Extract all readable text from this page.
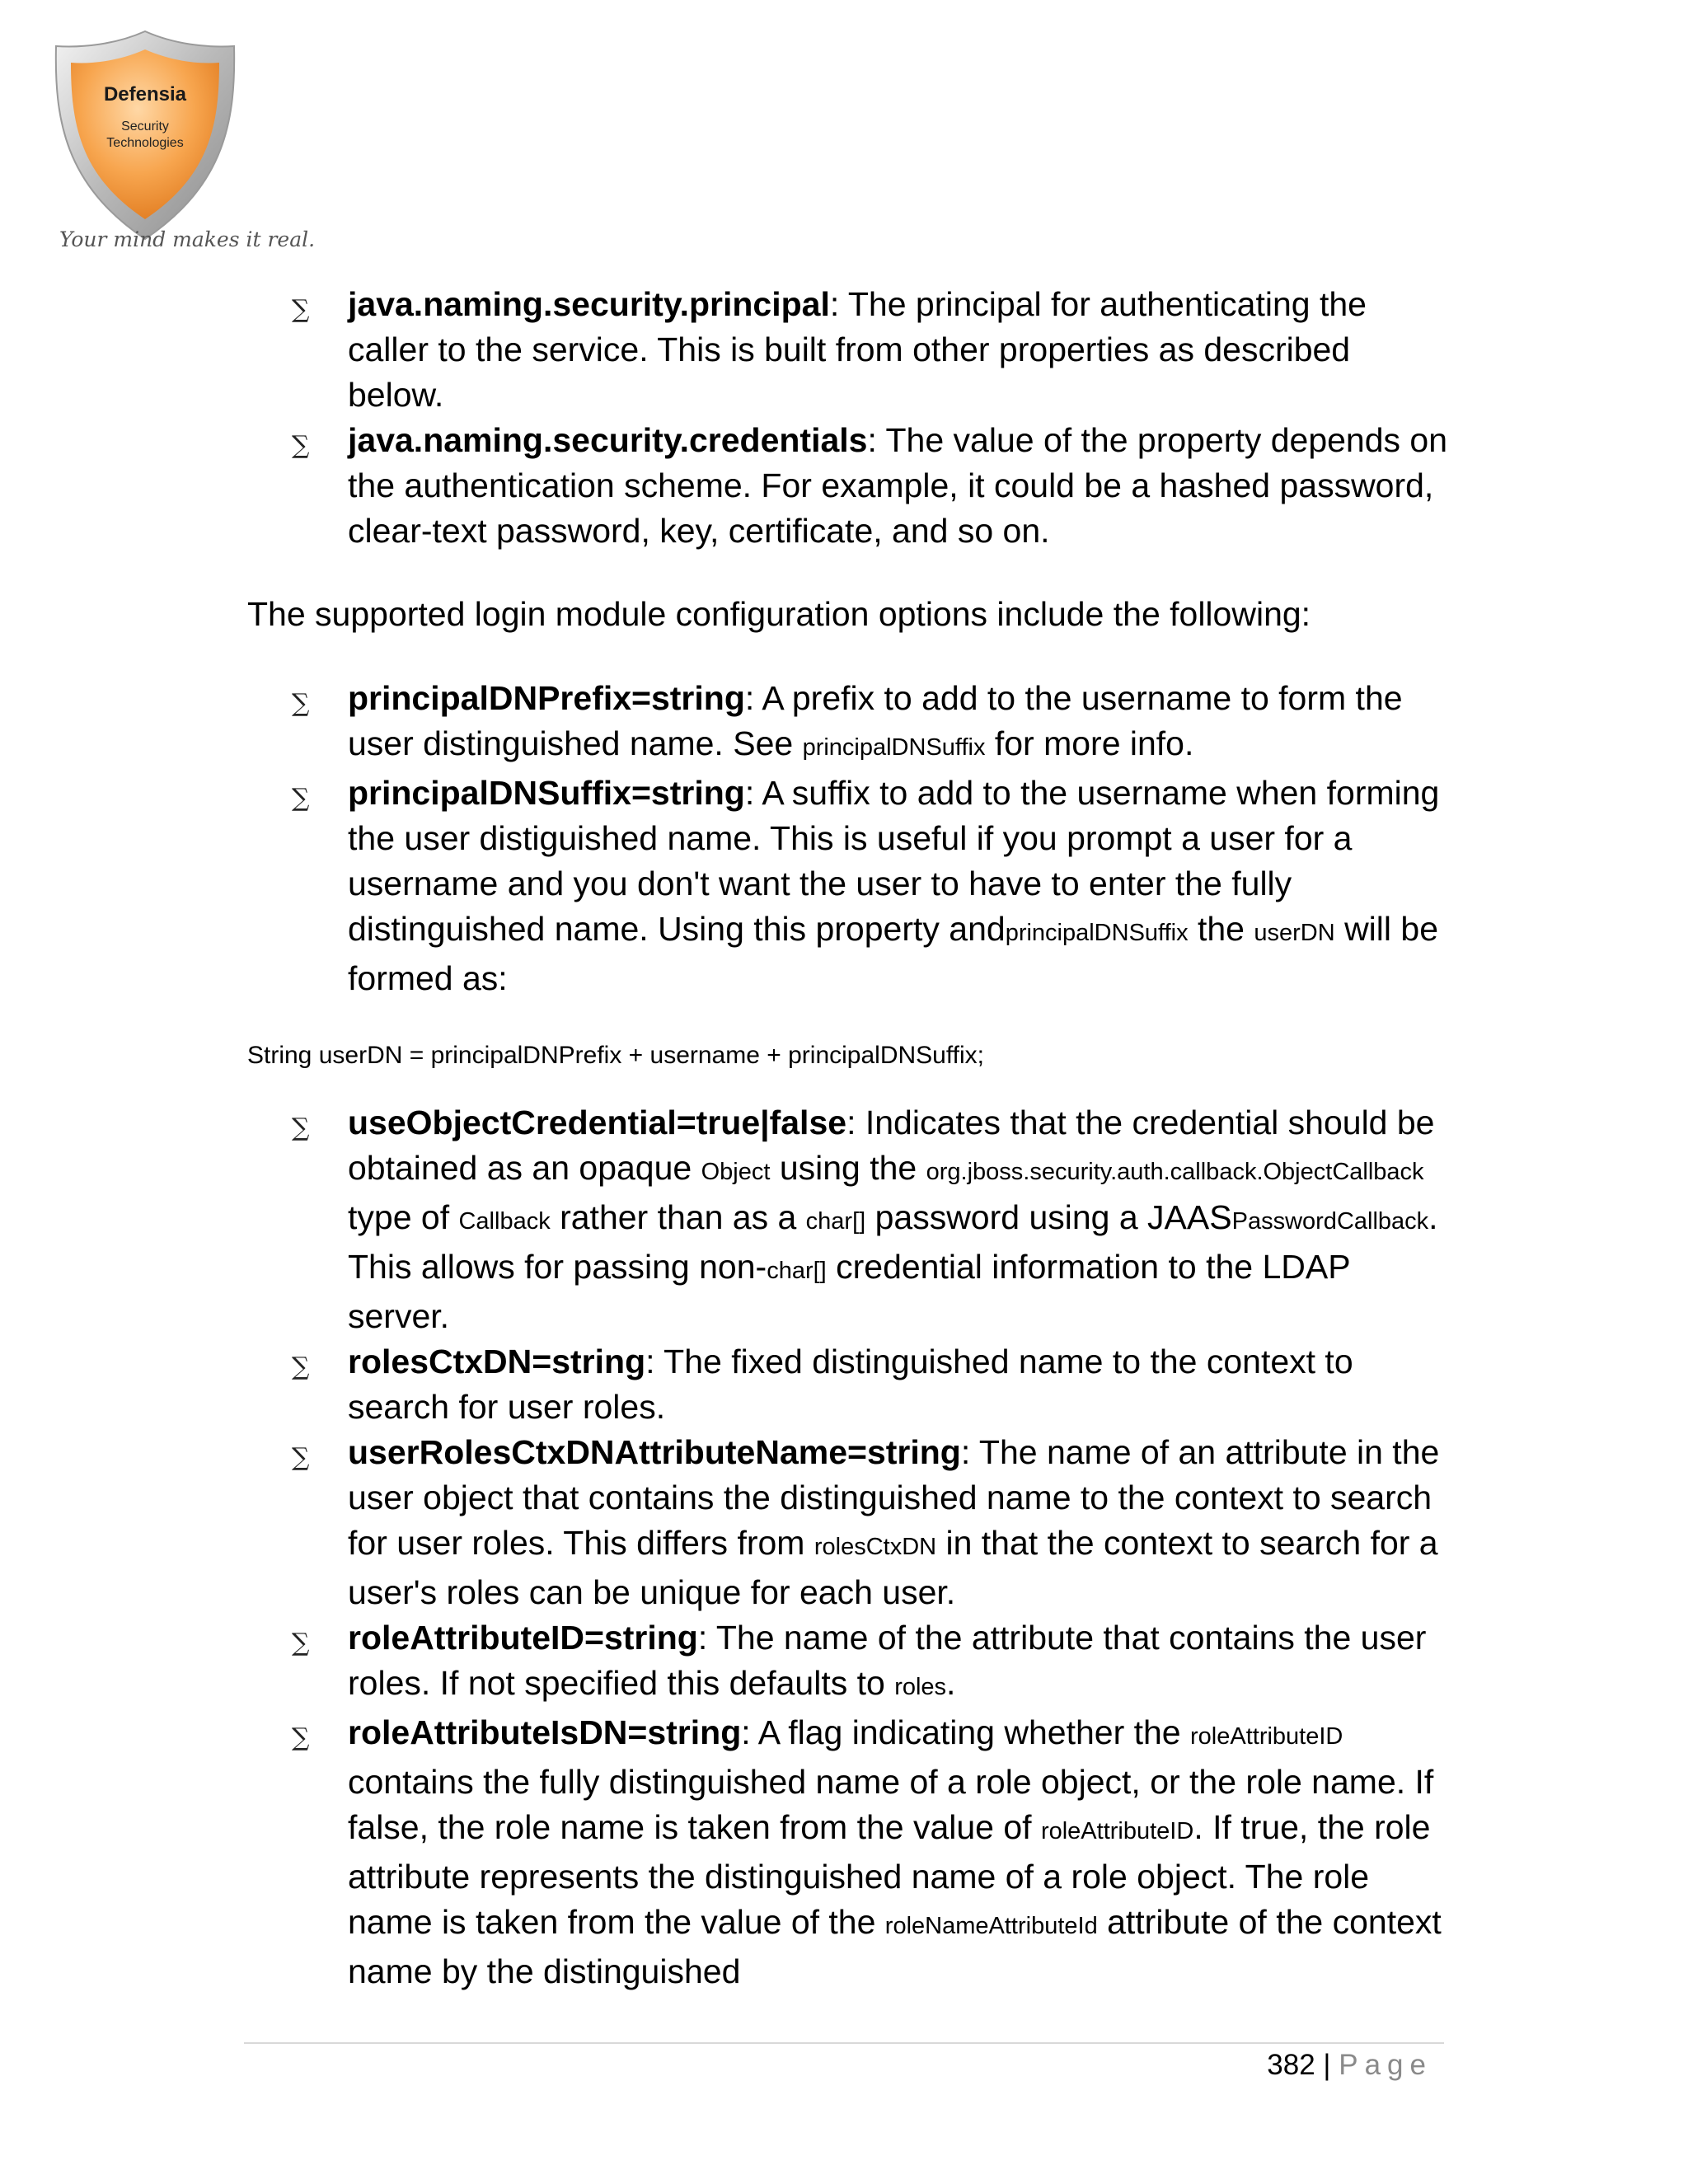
Defensia
Security
Technologies
Your mind makes it real.
∑ java.naming.security.principal: The principal for authenticating the caller to the service. This is built from other properties as described below.
∑ java.naming.security.credentials: The value of the property depends on the authentication scheme. For example, it could be a hashed password, clear-text password, key, certificate, and so on.

The supported login module configuration options include the following:

∑ principalDNPrefix=string: A prefix to add to the username to form the user distinguished name. See principalDNSuffix for more info.
∑ principalDNSuffix=string: A suffix to add to the username when forming the user distiguished name. This is useful if you prompt a user for a username and you don't want the user to have to enter the fully distinguished name. Using this property andprincipalDNSuffix the userDN will be formed as:

String userDN = principalDNPrefix + username + principalDNSuffix;

∑ useObjectCredential=true|false: Indicates that the credential should be obtained as an opaque Object using the org.jboss.security.auth.callback.ObjectCallback type of Callback rather than as a char[] password using a JAASPasswordCallback. This allows for passing non-char[] credential information to the LDAP server.
∑ rolesCtxDN=string: The fixed distinguished name to the context to search for user roles.
∑ userRolesCtxDNAttributeName=string: The name of an attribute in the user object that contains the distinguished name to the context to search for user roles. This differs from rolesCtxDN in that the context to search for a user's roles can be unique for each user.
∑ roleAttributeID=string: The name of the attribute that contains the user roles. If not specified this defaults to roles.
∑ roleAttributeIsDN=string: A flag indicating whether the roleAttributeID contains the fully distinguished name of a role object, or the role name. If false, the role name is taken from the value of roleAttributeID. If true, the role attribute represents the distinguished name of a role object. The role name is taken from the value of the roleNameAttributeId attribute of the context name by the distinguished
382 | Page
